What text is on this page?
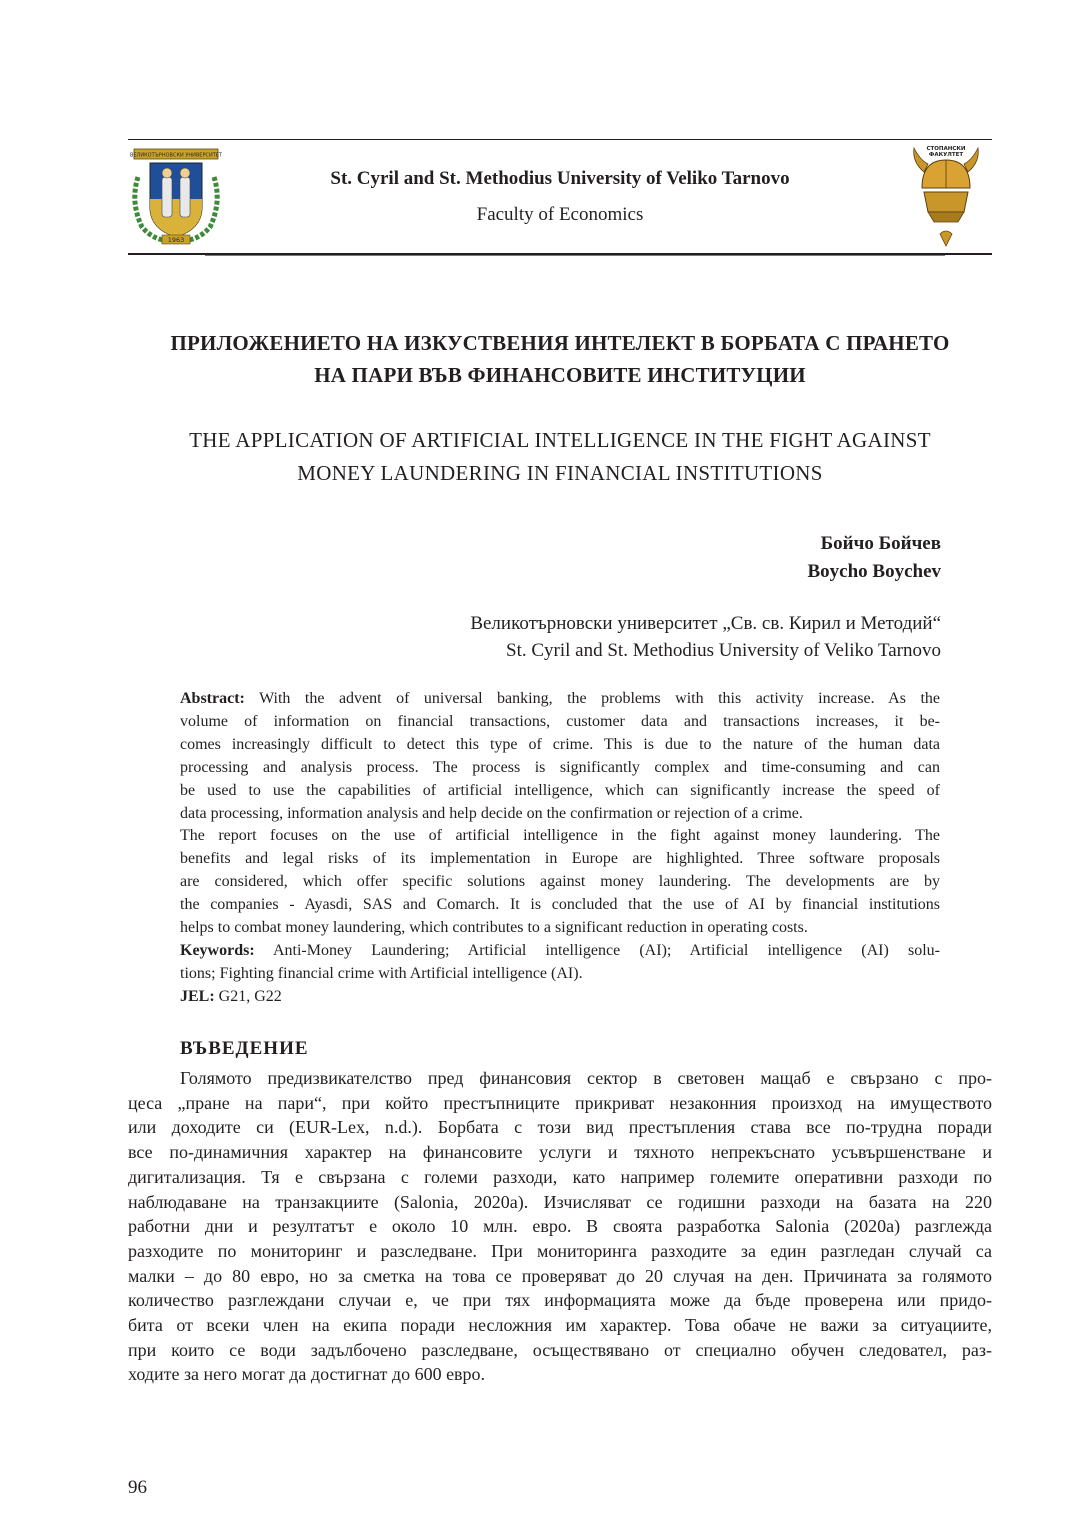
ВЕЛИКОТЪРНОВСКИ УНИВЕРСИТЕТ
1963
СТОПАНСКИ
ФАКУЛТЕТ
St. Cyril and St. Methodius University of Veliko Tarnovo
Faculty of Economics
ПРИЛОЖЕНИЕТО НА ИЗКУСТВЕНИЯ ИНТЕЛЕКТ В БОРБАТА С ПРАНЕТО
НА ПАРИ ВЪВ ФИНАНСОВИТЕ ИНСТИТУЦИИ
THE APPLICATION OF ARTIFICIAL INTELLIGENCE IN THE FIGHT AGAINST
MONEY LAUNDERING IN FINANCIAL INSTITUTIONS
Бойчо Бойчев
Boycho Boychev
Великотърновски университет „Св. св. Кирил и Методий“
St. Cyril and St. Methodius University of Veliko Tarnovo

Abstract: With the advent of universal banking, the problems with this activity increase. As the

volume of information on financial transactions, customer data and transactions increases, it be-

comes increasingly difficult to detect this type of crime. This is due to the nature of the human data

processing and analysis process. The process is significantly complex and time-consuming and can

be used to use the capabilities of artificial intelligence, which can significantly increase the speed of

data processing, information analysis and help decide on the confirmation or rejection of a crime.

The report focuses on the use of artificial intelligence in the fight against money laundering. The

benefits and legal risks of its implementation in Europe are highlighted. Three software proposals

are considered, which offer specific solutions against money laundering. The developments are by

the companies - Ayasdi, SAS and Comarch. It is concluded that the use of AI by financial institutions

helps to combat money laundering, which contributes to a significant reduction in operating costs.

Keywords: Anti-Money Laundering; Artificial intelligence (AI); Artificial intelligence (AI) solu-

tions; Fighting financial crime with Artificial intelligence (AI).

JEL: G21, G22

ВЪВЕДЕНИЕ
Голямото предизвикателство пред финансовия сектор в световен мащаб е свързано с про-
цеса „пране на пари“, при който престъпниците прикриват незаконния произход на имуществото
или доходите си (EUR-Lex, n.d.). Борбата с този вид престъпления става все по-трудна поради
все по-динамичния характер на финансовите услуги и тяхното непрекъснато усъвършенстване и
дигитализация. Тя е свързана с големи разходи, като например големите оперативни разходи по
наблюдаване на транзакциите (Salonia, 2020a). Изчисляват се годишни разходи на базата на 220
работни дни и резултатът е около 10 млн. евро. В своята разработка Salonia (2020a) разглежда
разходите по мониторинг и разследване. При мониторинга разходите за един разгледан случай са
малки – до 80 евро, но за сметка на това се проверяват до 20 случая на ден. Причината за голямото
количество разглеждани случаи е, че при тях информацията може да бъде проверена или придо-
бита от всеки член на екипа поради несложния им характер. Това обаче не важи за ситуациите,
при които се води задълбочено разследване, осъществявано от специално обучен следовател, раз-
ходите за него могат да достигнат до 600 евро.
96
